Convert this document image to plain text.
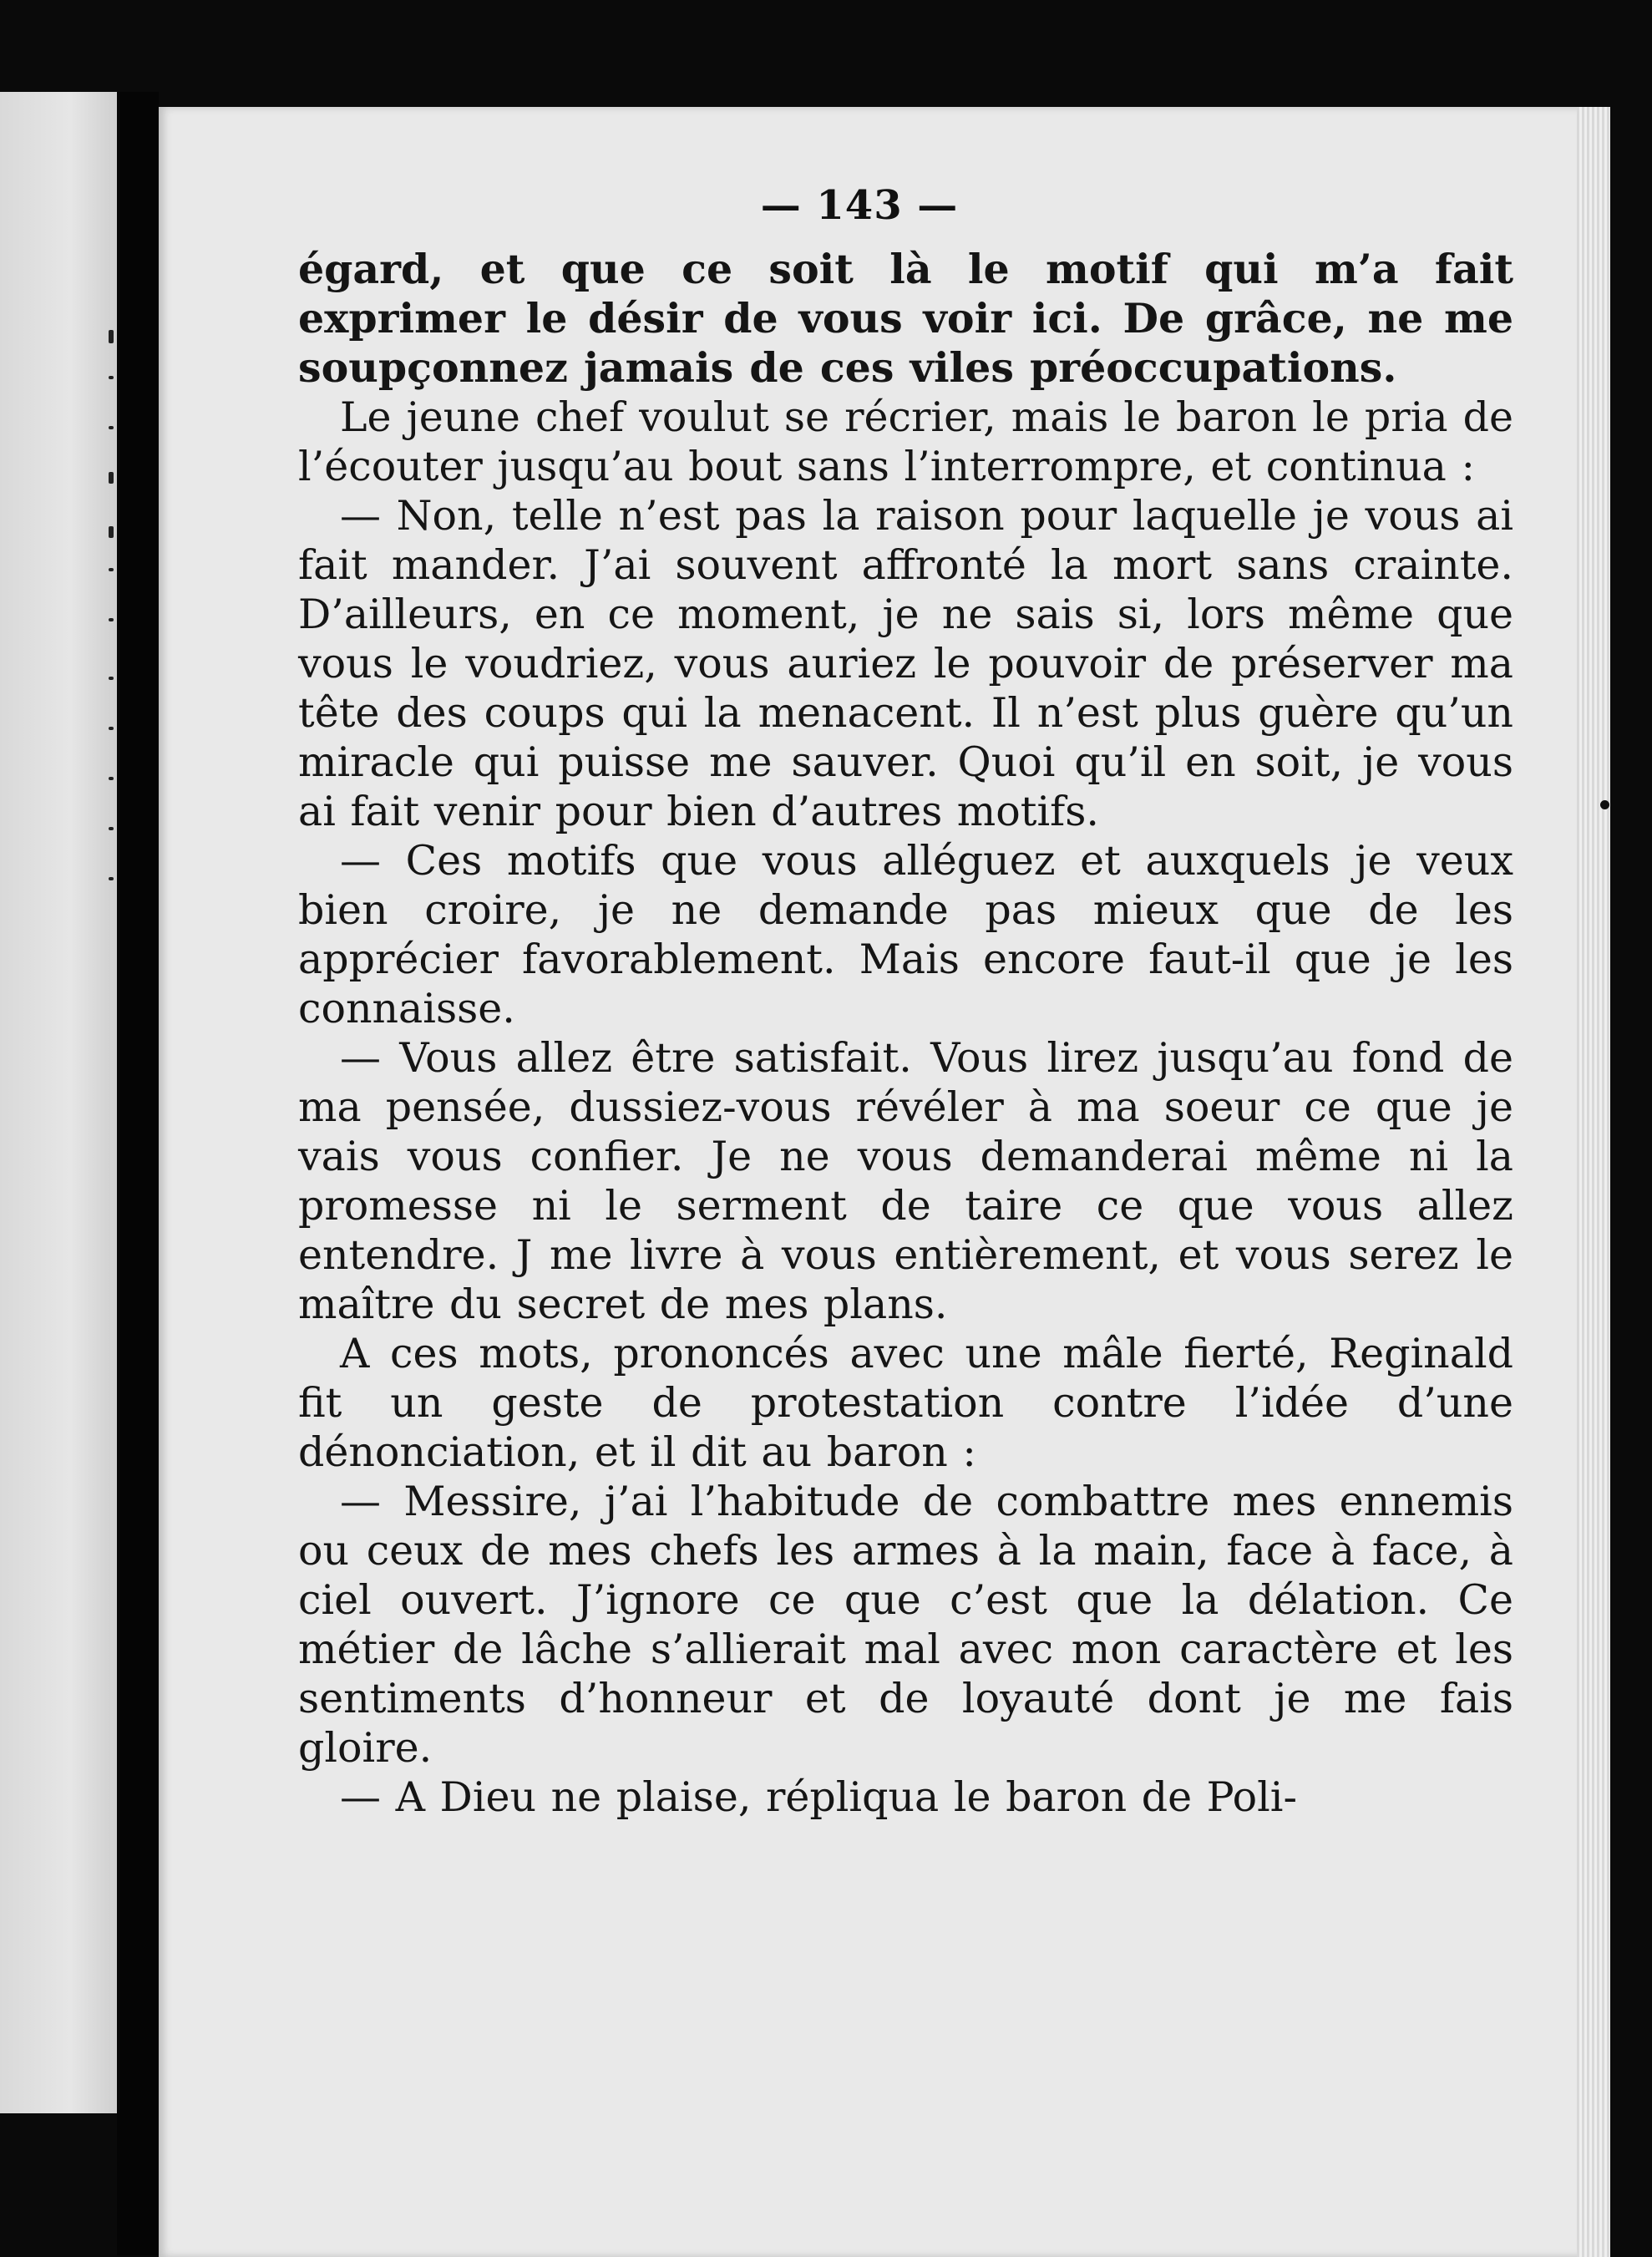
— 143 —

égard, et que ce soit là le motif qui m’a fait exprimer le désir de vous voir ici. De grâce, ne me soupçonnez jamais de ces viles préoccupations.

Le jeune chef voulut se récrier, mais le baron le pria de l’écouter jusqu’au bout sans l’interrompre, et continua :

— Non, telle n’est pas la raison pour laquelle je vous ai fait mander. J’ai souvent affronté la mort sans crainte. D’ailleurs, en ce moment, je ne sais si, lors même que vous le voudriez, vous auriez le pouvoir de préserver ma tête des coups qui la menacent. Il n’est plus guère qu’un miracle qui puisse me sauver. Quoi qu’il en soit, je vous ai fait venir pour bien d’autres motifs.

— Ces motifs que vous alléguez et auxquels je veux bien croire, je ne demande pas mieux que de les apprécier favorablement. Mais encore faut-il que je les connaisse.

— Vous allez être satisfait. Vous lirez jusqu’au fond de ma pensée, dussiez-vous révéler à ma soeur ce que je vais vous confier. Je ne vous demanderai même ni la promesse ni le serment de taire ce que vous allez entendre. J me livre à vous entièrement, et vous serez le maître du secret de mes plans.

A ces mots, prononcés avec une mâle fierté, Reginald fit un geste de protestation contre l’idée d’une dénonciation, et il dit au baron :

— Messire, j’ai l’habitude de combattre mes ennemis ou ceux de mes chefs les armes à la main, face à face, à ciel ouvert. J’ignore ce que c’est que la délation. Ce métier de lâche s’allierait mal avec mon caractère et les sentiments d’honneur et de loyauté dont je me fais gloire.

— A Dieu ne plaise, répliqua le baron de Poli-
